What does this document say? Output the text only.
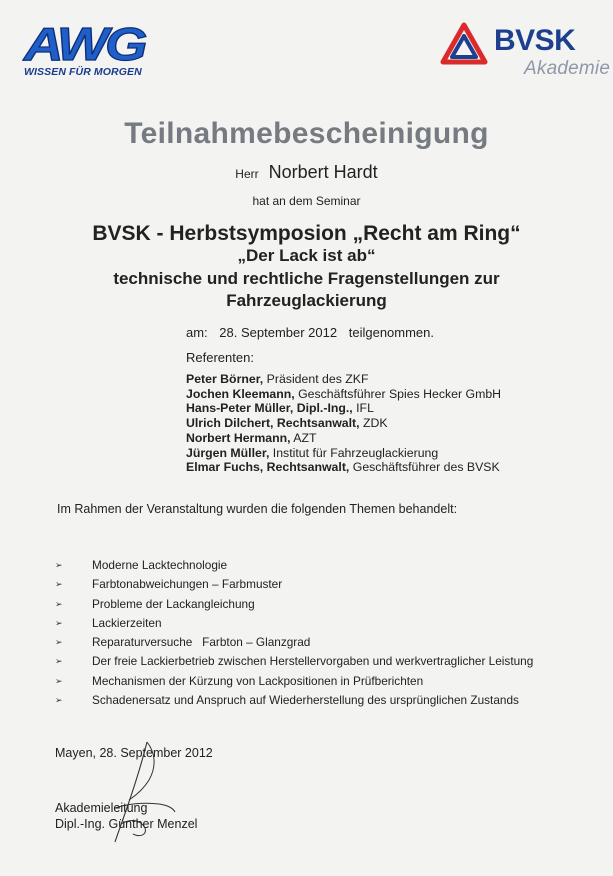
AWG
WISSEN FÜR MORGEN
BVSK
Akademie
Teilnahmebescheinigung
Herr Norbert Hardt
hat an dem Seminar
BVSK - Herbstsymposion „Recht am Ring“
„Der Lack ist ab“
technische und rechtliche Fragenstellungen zur
Fahrzeuglackierung
am: 28. September 2012 teilgenommen.
Referenten:
Peter Börner, Präsident des ZKF
Jochen Kleemann, Geschäftsführer Spies Hecker GmbH
Hans-Peter Müller, Dipl.-Ing., IFL
Ulrich Dilchert, Rechtsanwalt, ZDK
Norbert Hermann, AZT
Jürgen Müller, Institut für Fahrzeuglackierung
Elmar Fuchs, Rechtsanwalt, Geschäftsführer des BVSK
Im Rahmen der Veranstaltung wurden die folgenden Themen behandelt:
➢ Moderne Lacktechnologie
➢ Farbtonabweichungen – Farbmuster
➢ Probleme der Lackangleichung
➢ Lackierzeiten
➢ Reparaturversuche   Farbton – Glanzgrad
➢ Der freie Lackierbetrieb zwischen Herstellervorgaben und werkvertraglicher Leistung
➢ Mechanismen der Kürzung von Lackpositionen in Prüfberichten
➢ Schadenersatz und Anspruch auf Wiederherstellung des ursprünglichen Zustands
Mayen, 28. September 2012
Akademieleitung
Dipl.-Ing. Günther Menzel
